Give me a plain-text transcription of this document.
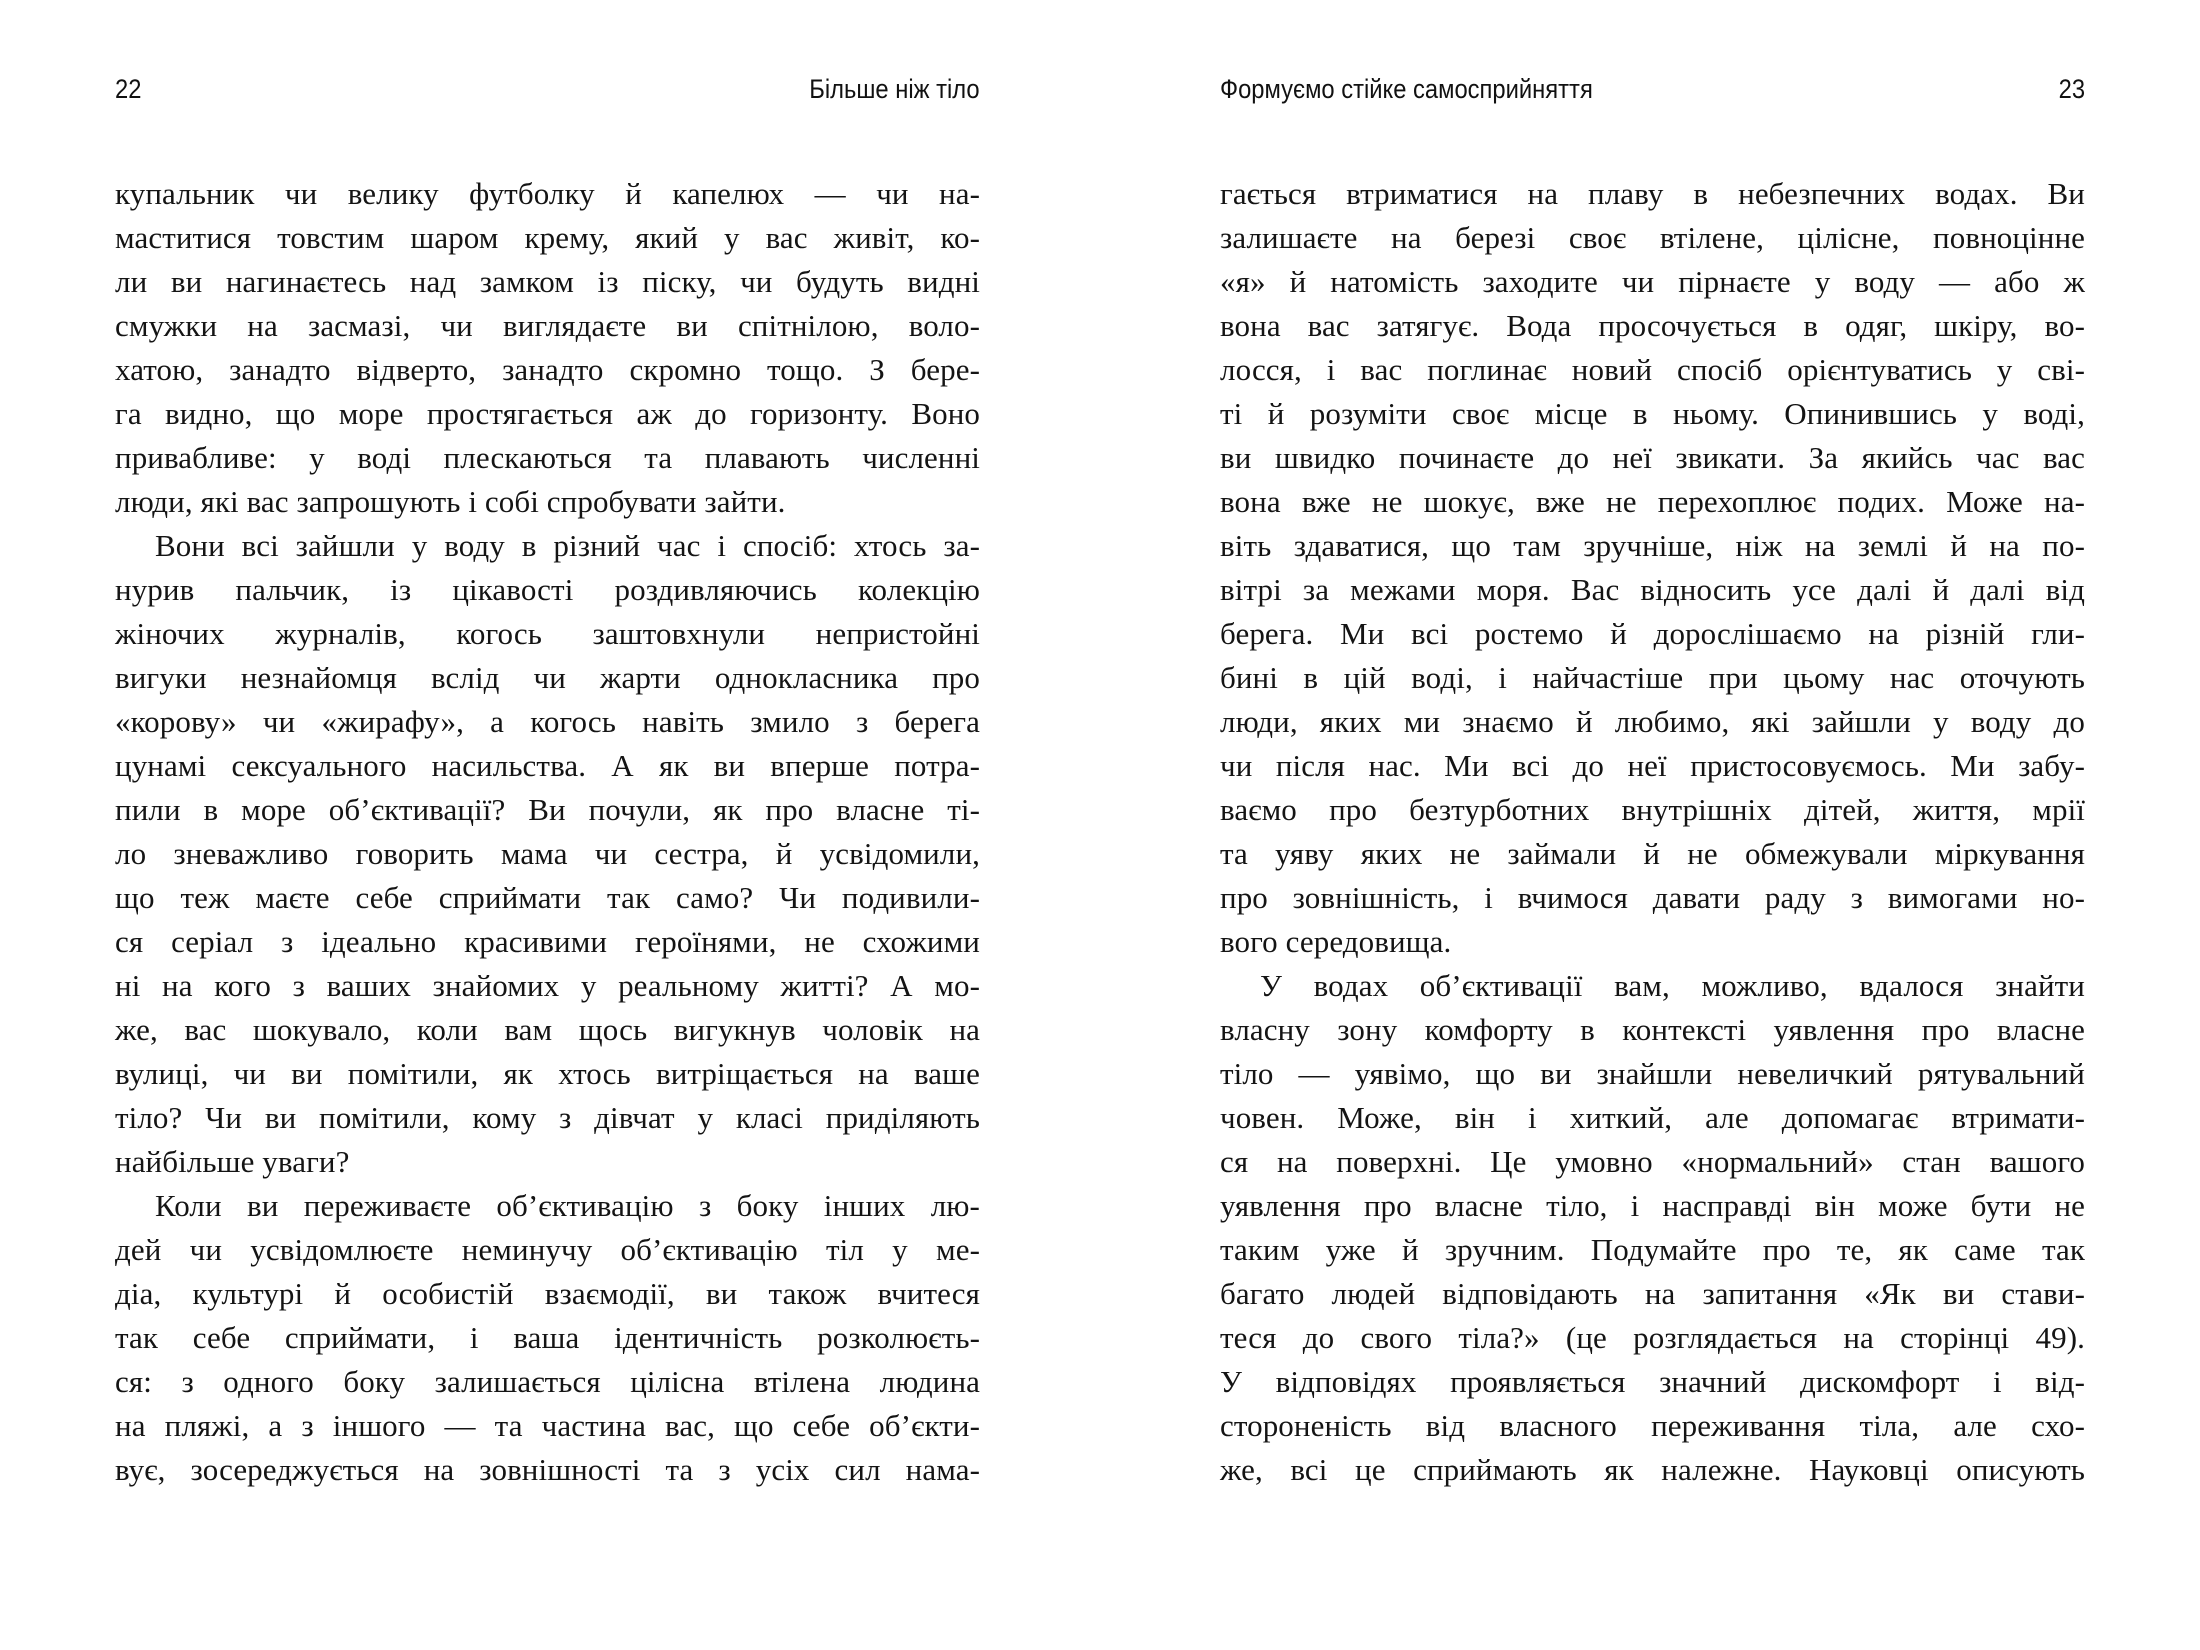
22	Більше ніж тіло
купальник чи велику футболку й капелюх — чи на-
маститися товстим шаром крему, який у вас живіт, ко-
ли ви нагинаєтесь над замком із піску, чи будуть видні
смужки на засмазі, чи виглядаєте ви спітнілою, воло-
хатою, занадто відверто, занадто скромно тощо. З бере-
га видно, що море простягається аж до горизонту. Воно
привабливе: у воді плескаються та плавають численні
люди, які вас запрошують і собі спробувати зайти.
Вони всі зайшли у воду в різний час і спосіб: хтось за-
нурив пальчик, із цікавості роздивляючись колекцію
жіночих журналів, когось заштовхнули непристойні
вигуки незнайомця вслід чи жарти однокласника про
«корову» чи «жирафу», а когось навіть змило з берега
цунамі сексуального насильства. А як ви вперше потра-
пили в море об’єктивації? Ви почули, як про власне ті-
ло зневажливо говорить мама чи сестра, й усвідомили,
що теж маєте себе сприймати так само? Чи подивили-
ся серіал з ідеально красивими героїнями, не схожими
ні на кого з ваших знайомих у реальному житті? А мо-
же, вас шокувало, коли вам щось вигукнув чоловік на
вулиці, чи ви помітили, як хтось витріщається на ваше
тіло? Чи ви помітили, кому з дівчат у класі приділяють
найбільше уваги?
Коли ви переживаєте об’єктивацію з боку інших лю-
дей чи усвідомлюєте неминучу об’єктивацію тіл у ме-
діа, культурі й особистій взаємодії, ви також вчитеся
так себе сприймати, і ваша ідентичність розколюєть-
ся: з одного боку залишається цілісна втілена людина
на пляжі, а з іншого — та частина вас, що себе об’єкти-
вує, зосереджується на зовнішності та з усіх сил нама-
Формуємо стійке самосприйняття	23
гається втриматися на плаву в небезпечних водах. Ви
залишаєте на березі своє втілене, цілісне, повноцінне
«я» й натомість заходите чи пірнаєте у воду — або ж
вона вас затягує. Вода просочується в одяг, шкіру, во-
лосся, і вас поглинає новий спосіб орієнтуватись у сві-
ті й розуміти своє місце в ньому. Опинившись у воді,
ви швидко починаєте до неї звикати. За якийсь час вас
вона вже не шокує, вже не перехоплює подих. Може на-
віть здаватися, що там зручніше, ніж на землі й на по-
вітрі за межами моря. Вас відносить усе далі й далі від
берега. Ми всі ростемо й дорослішаємо на різній гли-
бині в цій воді, і найчастіше при цьому нас оточують
люди, яких ми знаємо й любимо, які зайшли у воду до
чи після нас. Ми всі до неї пристосовуємось. Ми забу-
ваємо про безтурботних внутрішніх дітей, життя, мрії
та уяву яких не займали й не обмежували міркування
про зовнішність, і вчимося давати раду з вимогами но-
вого середовища.
У водах об’єктивації вам, можливо, вдалося знайти
власну зону комфорту в контексті уявлення про власне
тіло — уявімо, що ви знайшли невеличкий рятувальний
човен. Може, він і хиткий, але допомагає втримати-
ся на поверхні. Це умовно «нормальний» стан вашого
уявлення про власне тіло, і насправді він може бути не
таким уже й зручним. Подумайте про те, як саме так
багато людей відповідають на запитання «Як ви стави-
теся до свого тіла?» (це розглядається на сторінці 49).
У відповідях проявляється значний дискомфорт і від-
стороненість від власного переживання тіла, але схо-
же, всі це сприймають як належне. Науковці описують
